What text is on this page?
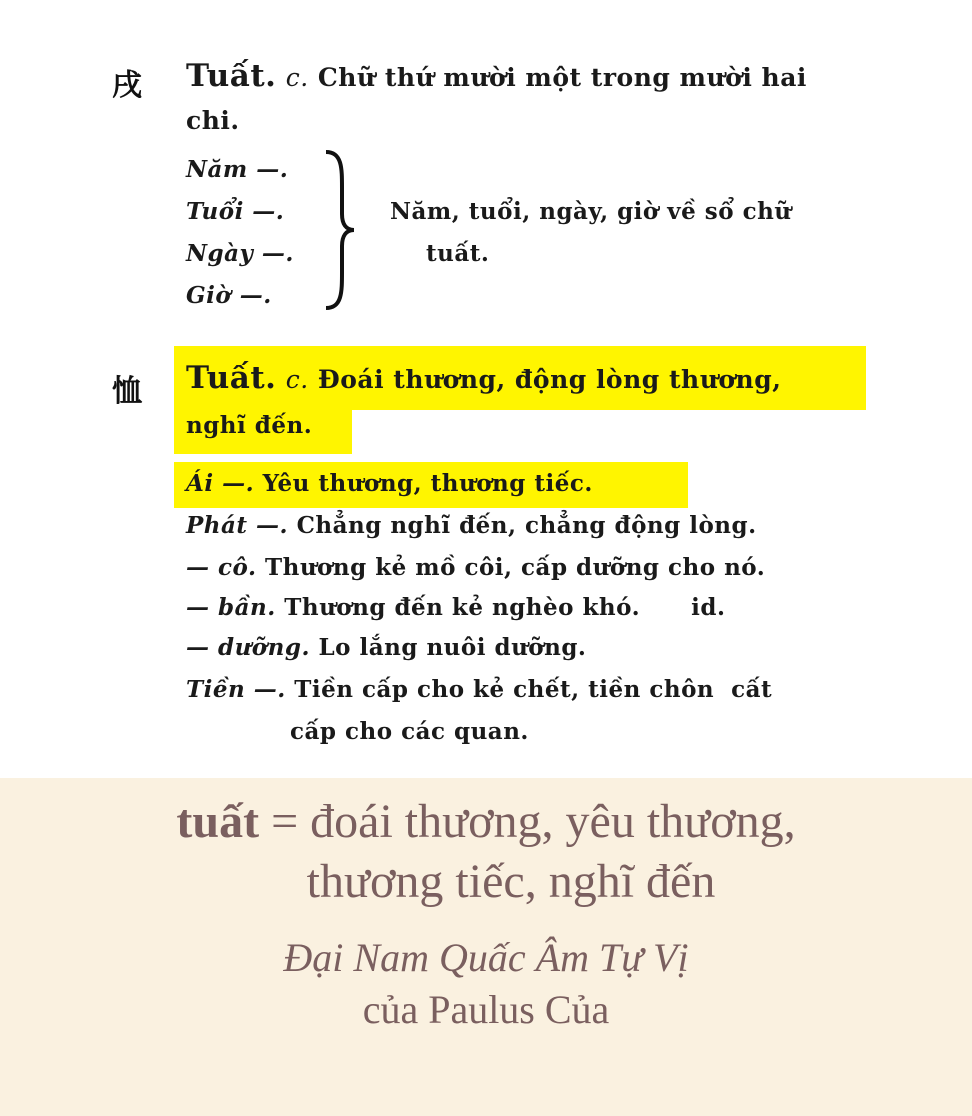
戌 Tuất. c. Chữ thứ mười một trong mười hai
chi.
Năm —.
Tuổi —.
Ngày —.
Giờ —.
Năm, tuổi, ngày, giờ về sổ chữ
tuất.
恤 Tuất. c. Đoái thương, động lòng thương,
nghĩ đến.
Ái —. Yêu thương, thương tiếc.
Phát —. Chẳng nghĩ đến, chẳng động lòng.
— cô. Thương kẻ mồ côi, cấp dưỡng cho nó.
— bần. Thương đến kẻ nghèo khó.      id.
— dưỡng. Lo lắng nuôi dưỡng.
Tiền —. Tiền cấp cho kẻ chết, tiền chôn  cất
cấp cho các quan.
tuất = đoái thương, yêu thương,
thương tiếc, nghĩ đến
Đại Nam Quấc Âm Tự Vị
của Paulus Của
